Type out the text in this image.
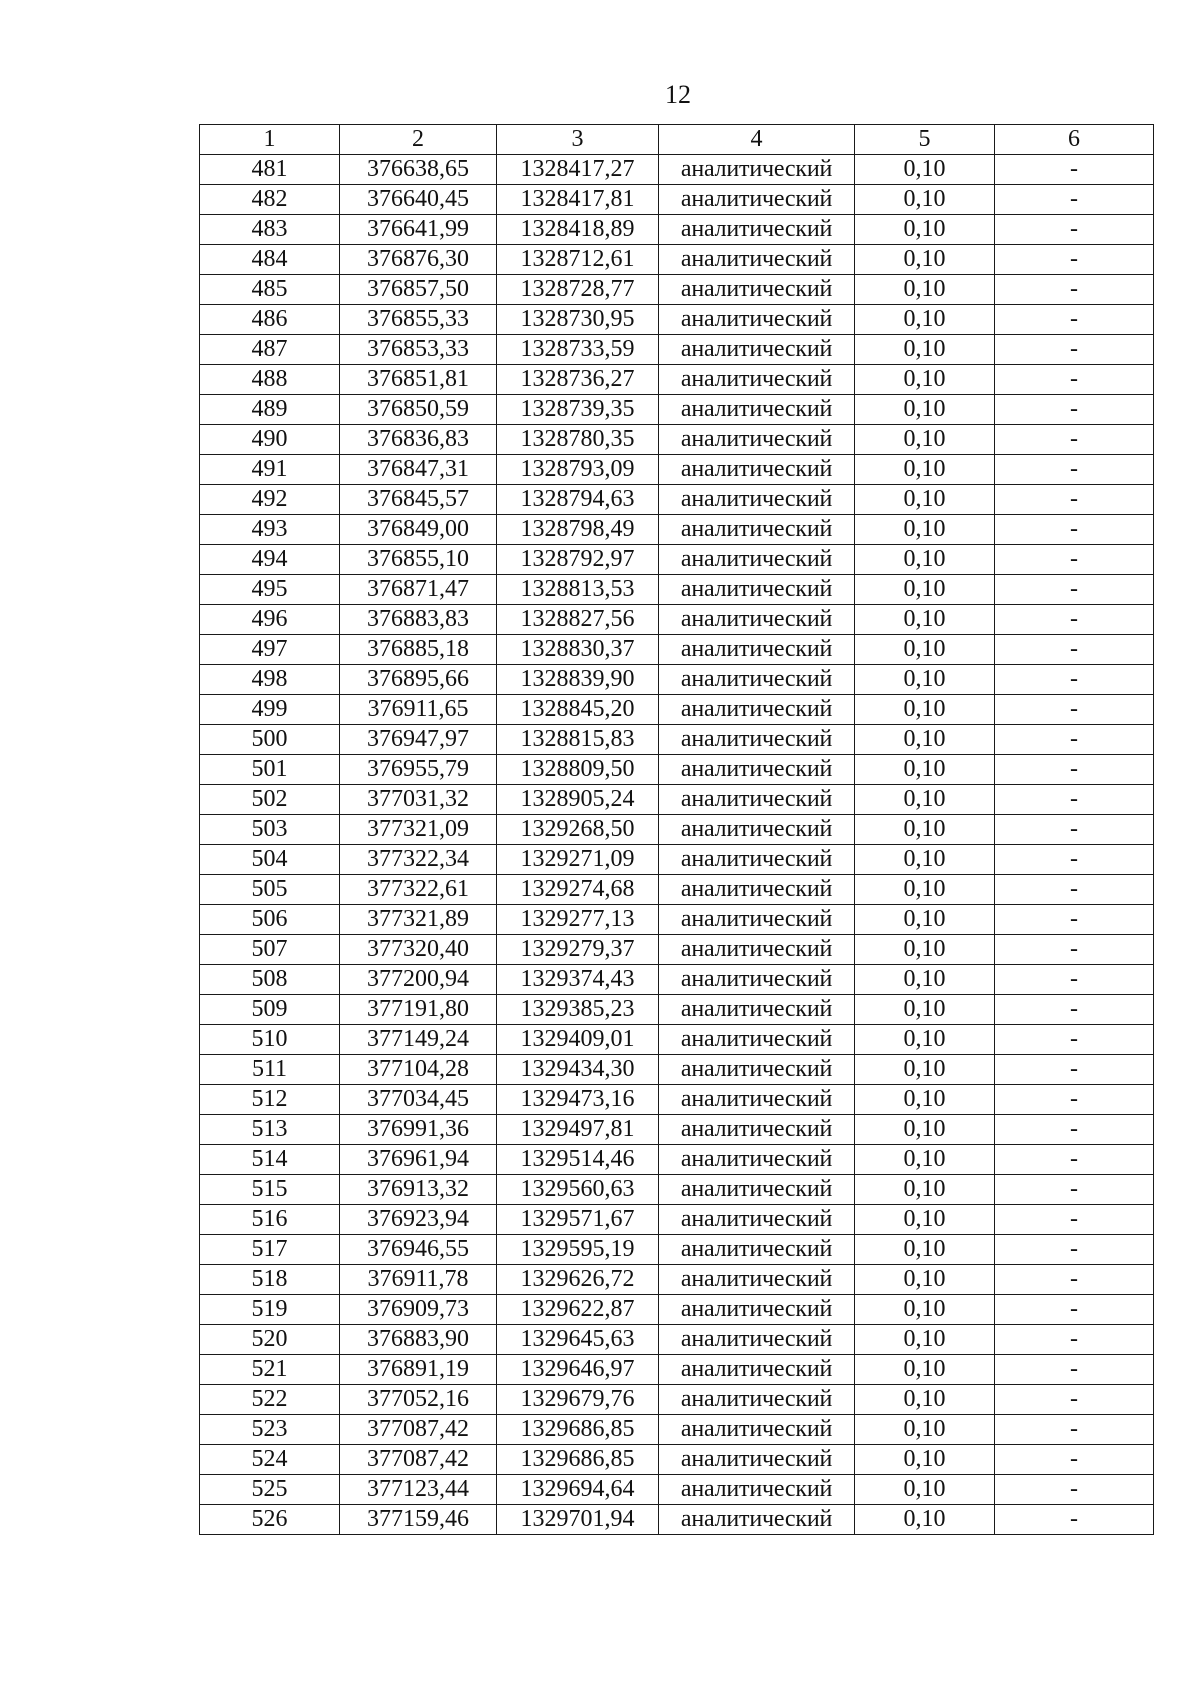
12
1	2	3	4	5	6
481	376638,65	1328417,27	аналитический	0,10	-
482	376640,45	1328417,81	аналитический	0,10	-
483	376641,99	1328418,89	аналитический	0,10	-
484	376876,30	1328712,61	аналитический	0,10	-
485	376857,50	1328728,77	аналитический	0,10	-
486	376855,33	1328730,95	аналитический	0,10	-
487	376853,33	1328733,59	аналитический	0,10	-
488	376851,81	1328736,27	аналитический	0,10	-
489	376850,59	1328739,35	аналитический	0,10	-
490	376836,83	1328780,35	аналитический	0,10	-
491	376847,31	1328793,09	аналитический	0,10	-
492	376845,57	1328794,63	аналитический	0,10	-
493	376849,00	1328798,49	аналитический	0,10	-
494	376855,10	1328792,97	аналитический	0,10	-
495	376871,47	1328813,53	аналитический	0,10	-
496	376883,83	1328827,56	аналитический	0,10	-
497	376885,18	1328830,37	аналитический	0,10	-
498	376895,66	1328839,90	аналитический	0,10	-
499	376911,65	1328845,20	аналитический	0,10	-
500	376947,97	1328815,83	аналитический	0,10	-
501	376955,79	1328809,50	аналитический	0,10	-
502	377031,32	1328905,24	аналитический	0,10	-
503	377321,09	1329268,50	аналитический	0,10	-
504	377322,34	1329271,09	аналитический	0,10	-
505	377322,61	1329274,68	аналитический	0,10	-
506	377321,89	1329277,13	аналитический	0,10	-
507	377320,40	1329279,37	аналитический	0,10	-
508	377200,94	1329374,43	аналитический	0,10	-
509	377191,80	1329385,23	аналитический	0,10	-
510	377149,24	1329409,01	аналитический	0,10	-
511	377104,28	1329434,30	аналитический	0,10	-
512	377034,45	1329473,16	аналитический	0,10	-
513	376991,36	1329497,81	аналитический	0,10	-
514	376961,94	1329514,46	аналитический	0,10	-
515	376913,32	1329560,63	аналитический	0,10	-
516	376923,94	1329571,67	аналитический	0,10	-
517	376946,55	1329595,19	аналитический	0,10	-
518	376911,78	1329626,72	аналитический	0,10	-
519	376909,73	1329622,87	аналитический	0,10	-
520	376883,90	1329645,63	аналитический	0,10	-
521	376891,19	1329646,97	аналитический	0,10	-
522	377052,16	1329679,76	аналитический	0,10	-
523	377087,42	1329686,85	аналитический	0,10	-
524	377087,42	1329686,85	аналитический	0,10	-
525	377123,44	1329694,64	аналитический	0,10	-
526	377159,46	1329701,94	аналитический	0,10	-
